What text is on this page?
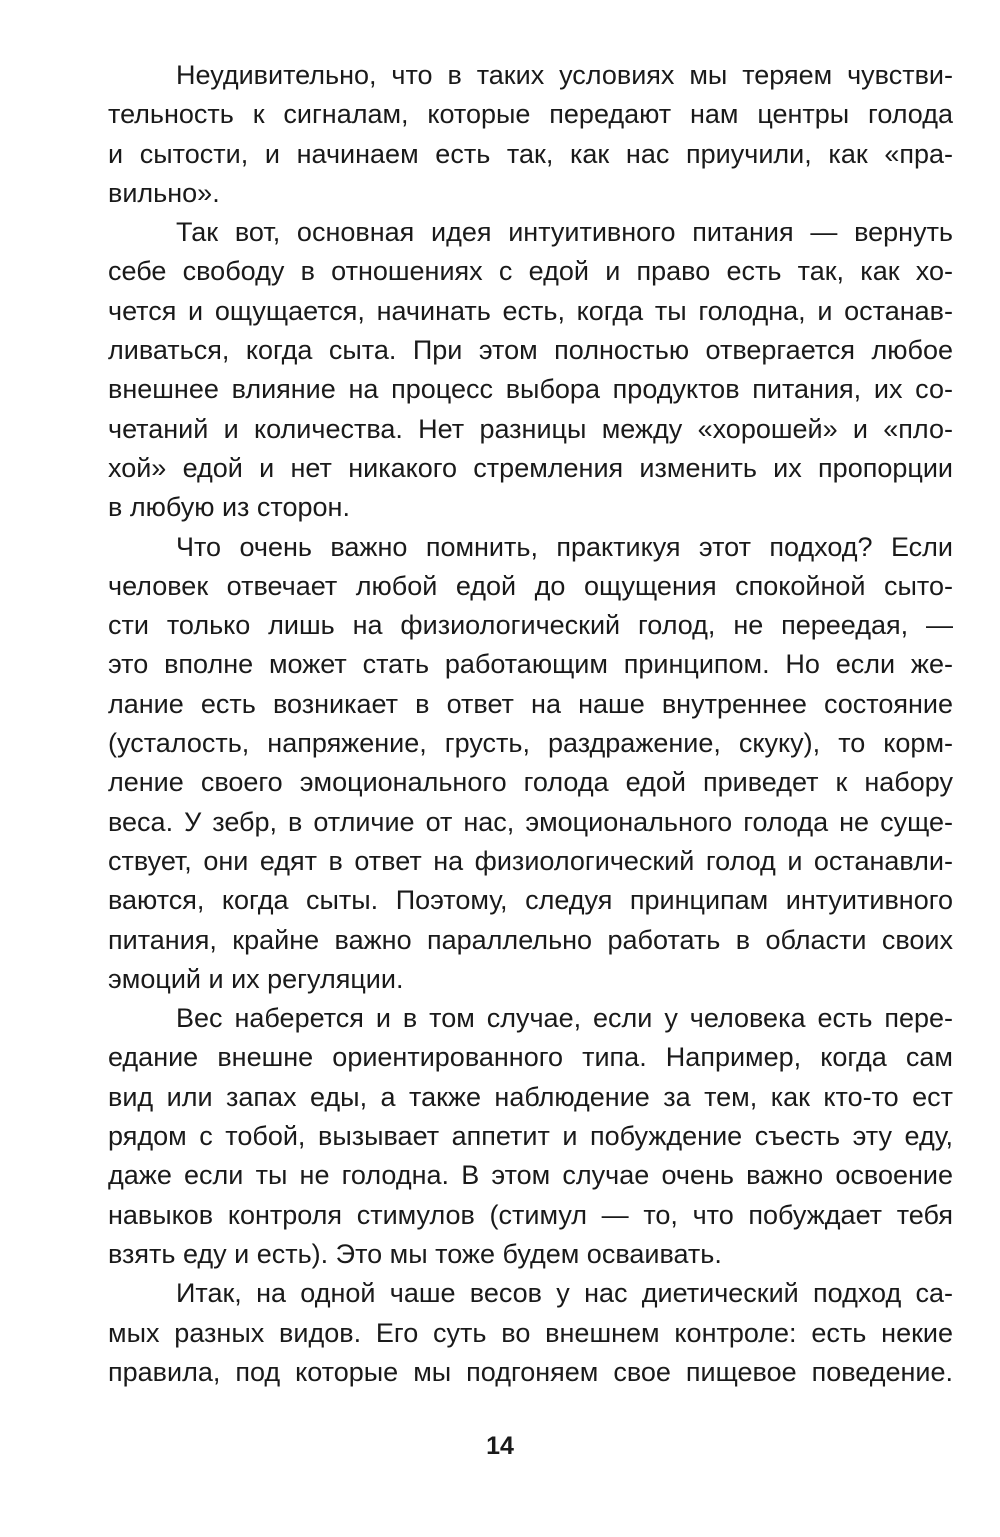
Неудивительно, что в таких условиях мы теряем чувстви-
тельность к сигналам, которые передают нам центры голода
и сытости, и начинаем есть так, как нас приучили, как «пра-
вильно».
Так вот, основная идея интуитивного питания — вернуть
себе свободу в отношениях с едой и право есть так, как хо-
чется и ощущается, начинать есть, когда ты голодна, и останав-
ливаться, когда сыта. При этом полностью отвергается любое
внешнее влияние на процесс выбора продуктов питания, их со-
четаний и количества. Нет разницы между «хорошей» и «пло-
хой» едой и нет никакого стремления изменить их пропорции
в любую из сторон.
Что очень важно помнить, практикуя этот подход? Если
человек отвечает любой едой до ощущения спокойной сыто-
сти только лишь на физиологический голод, не переедая, —
это вполне может стать работающим принципом. Но если же-
лание есть возникает в ответ на наше внутреннее состояние
(усталость, напряжение, грусть, раздражение, скуку), то корм-
ление своего эмоционального голода едой приведет к набору
веса. У зебр, в отличие от нас, эмоционального голода не суще-
ствует, они едят в ответ на физиологический голод и останавли-
ваются, когда сыты. Поэтому, следуя принципам интуитивного
питания, крайне важно параллельно работать в области своих
эмоций и их регуляции.
Вес наберется и в том случае, если у человека есть пере-
едание внешне ориентированного типа. Например, когда сам
вид или запах еды, а также наблюдение за тем, как кто-то ест
рядом с тобой, вызывает аппетит и побуждение съесть эту еду,
даже если ты не голодна. В этом случае очень важно освоение
навыков контроля стимулов (стимул — то, что побуждает тебя
взять еду и есть). Это мы тоже будем осваивать.
Итак, на одной чаше весов у нас диетический подход са-
мых разных видов. Его суть во внешнем контроле: есть некие
правила, под которые мы подгоняем свое пищевое поведение.
14
